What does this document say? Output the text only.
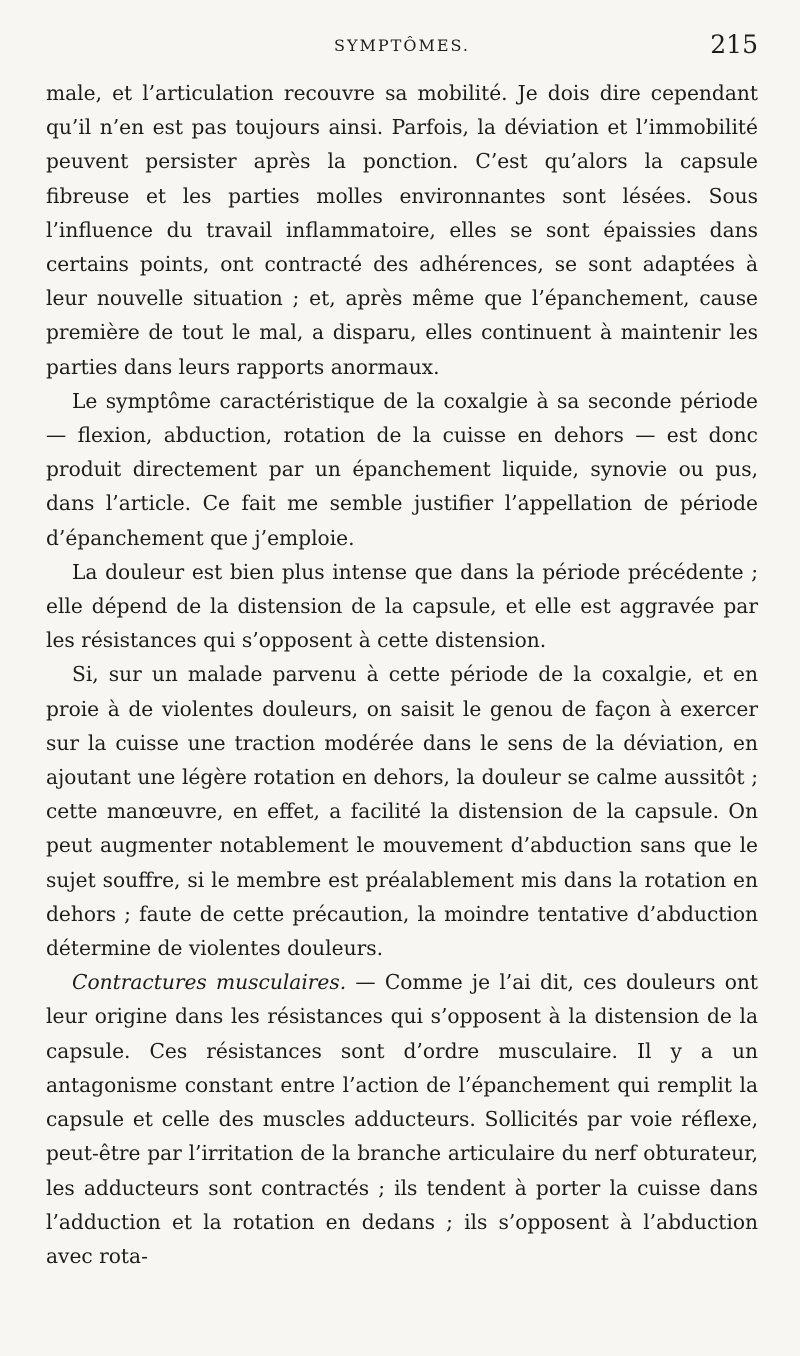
SYMPTÔMES.	215

male, et l’articulation recouvre sa mobilité. Je dois dire cependant qu’il n’en est pas toujours ainsi. Parfois, la déviation et l’immobilité peuvent persister après la ponction. C’est qu’alors la capsule fibreuse et les parties molles environnantes sont lésées. Sous l’influence du travail inflammatoire, elles se sont épaissies dans certains points, ont contracté des adhérences, se sont adaptées à leur nouvelle situation ; et, après même que l’épanchement, cause première de tout le mal, a disparu, elles continuent à maintenir les parties dans leurs rapports anormaux.

Le symptôme caractéristique de la coxalgie à sa seconde période — flexion, abduction, rotation de la cuisse en dehors — est donc produit directement par un épanchement liquide, synovie ou pus, dans l’article. Ce fait me semble justifier l’appellation de période d’épanchement que j’emploie.

La douleur est bien plus intense que dans la période précédente ; elle dépend de la distension de la capsule, et elle est aggravée par les résistances qui s’opposent à cette distension.

Si, sur un malade parvenu à cette période de la coxalgie, et en proie à de violentes douleurs, on saisit le genou de façon à exercer sur la cuisse une traction modérée dans le sens de la déviation, en ajoutant une légère rotation en dehors, la douleur se calme aussitôt ; cette manœuvre, en effet, a facilité la distension de la capsule. On peut augmenter notablement le mouvement d’abduction sans que le sujet souffre, si le membre est préalablement mis dans la rotation en dehors ; faute de cette précaution, la moindre tentative d’abduction détermine de violentes douleurs.

Contractures musculaires. — Comme je l’ai dit, ces douleurs ont leur origine dans les résistances qui s’opposent à la distension de la capsule. Ces résistances sont d’ordre musculaire. Il y a un antagonisme constant entre l’action de l’épanchement qui remplit la capsule et celle des muscles adducteurs. Sollicités par voie réflexe, peut-être par l’irritation de la branche articulaire du nerf obturateur, les adducteurs sont contractés ; ils tendent à porter la cuisse dans l’adduction et la rotation en dedans ; ils s’opposent à l’abduction avec rota-
